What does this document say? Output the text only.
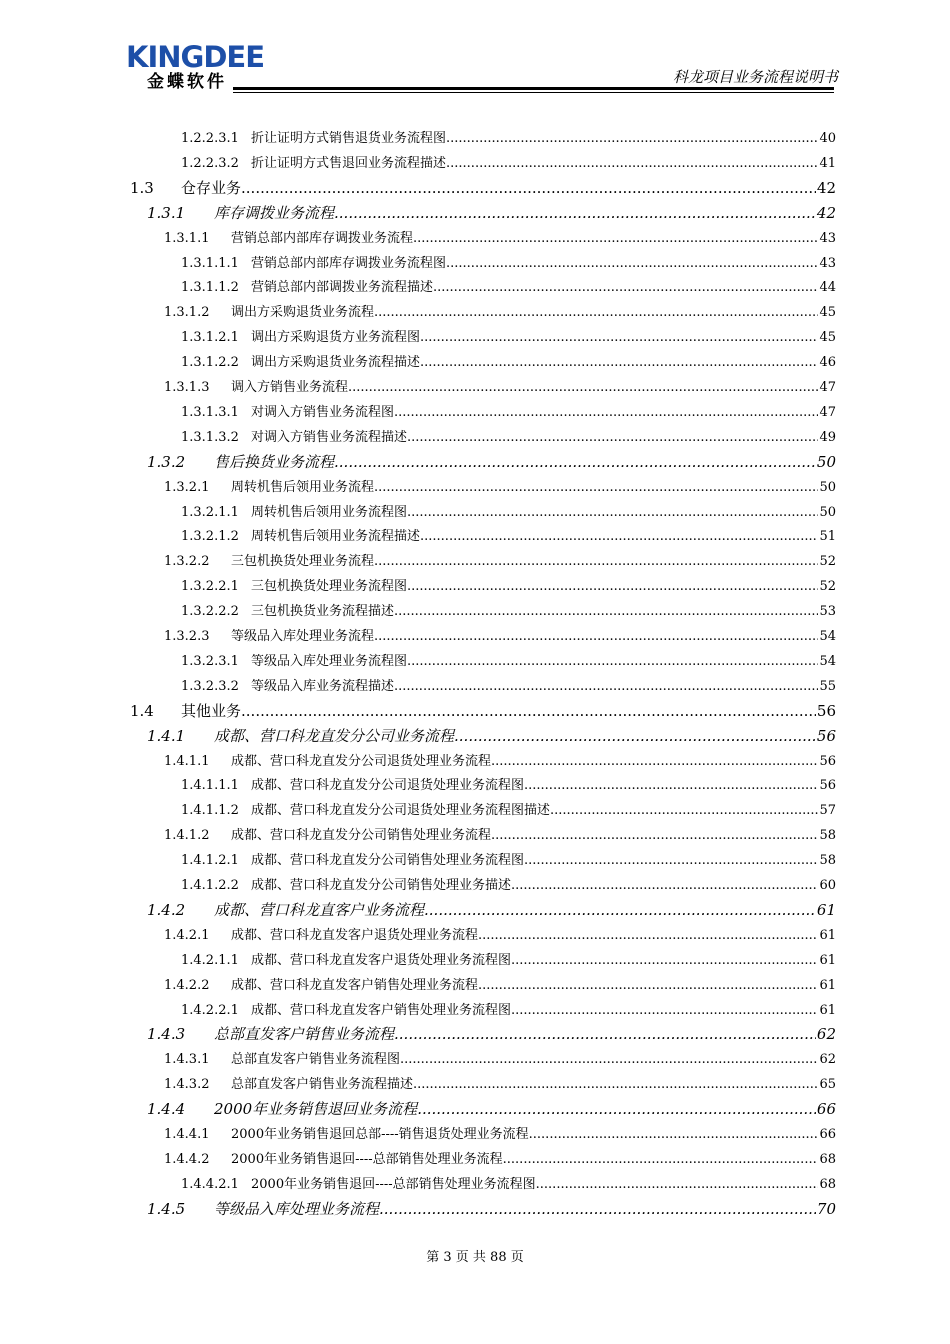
KINGDEE
金蝶软件	科龙项目业务流程说明书
1.2.2.3.1 折让证明方式销售退货业务流程图 .....	40
1.2.2.3.2 折让证明方式售退回业务流程描述 .....	41
1.3	仓存业务 .....	42
1.3.1	库存调拨业务流程 .....	42
1.3.1.1	营销总部内部库存调拨业务流程 .....	43
1.3.1.1.1 营销总部内部库存调拨业务流程图 .....	43
1.3.1.1.2 营销总部内部调拨业务流程描述 .....	44
1.3.1.2	调出方采购退货业务流程 .....	45
1.3.1.2.1 调出方采购退货方业务流程图 .....	45
1.3.1.2.2 调出方采购退货业务流程描述 .....	46
1.3.1.3	调入方销售业务流程 .....	47
1.3.1.3.1 对调入方销售业务流程图 .....	47
1.3.1.3.2 对调入方销售业务流程描述 .....	49
1.3.2	售后换货业务流程 .....	50
1.3.2.1	周转机售后领用业务流程 .....	50
1.3.2.1.1 周转机售后领用业务流程图 .....	50
1.3.2.1.2 周转机售后领用业务流程描述 .....	51
1.3.2.2	三包机换货处理业务流程 .....	52
1.3.2.2.1 三包机换货处理业务流程图 .....	52
1.3.2.2.2 三包机换货业务流程描述 .....	53
1.3.2.3	等级品入库处理业务流程 .....	54
1.3.2.3.1 等级品入库处理业务流程图 .....	54
1.3.2.3.2 等级品入库业务流程描述 .....	55
1.4	其他业务 .....	56
1.4.1	成都、营口科龙直发分公司业务流程 .....	56
1.4.1.1	成都、营口科龙直发分公司退货处理业务流程 .....	56
1.4.1.1.1 成都、营口科龙直发分公司退货处理业务流程图 .....	56
1.4.1.1.2 成都、营口科龙直发分公司退货处理业务流程图描述 .....	57
1.4.1.2	成都、营口科龙直发分公司销售处理业务流程 .....	58
1.4.1.2.1 成都、营口科龙直发分公司销售处理业务流程图 .....	58
1.4.1.2.2 成都、营口科龙直发分公司销售处理业务描述 .....	60
1.4.2	成都、营口科龙直客户业务流程 .....	61
1.4.2.1	成都、营口科龙直发客户退货处理业务流程 .....	61
1.4.2.1.1 成都、营口科龙直发客户退货处理业务流程图 .....	61
1.4.2.2	成都、营口科龙直发客户销售处理业务流程 .....	61
1.4.2.2.1 成都、营口科龙直发客户销售处理业务流程图 .....	61
1.4.3	总部直发客户销售业务流程 .....	62
1.4.3.1	总部直发客户销售业务流程图 .....	62
1.4.3.2	总部直发客户销售业务流程描述 .....	65
1.4.4	2000年业务销售退回业务流程 .....	66
1.4.4.1	2000年业务销售退回总部----销售退货处理业务流程 .....	66
1.4.4.2	2000年业务销售退回----总部销售处理业务流程 .....	68
1.4.4.2.1 2000年业务销售退回----总部销售处理业务流程图 .....	68
1.4.5	等级品入库处理业务流程 .....	70
第 3 页 共 88 页
